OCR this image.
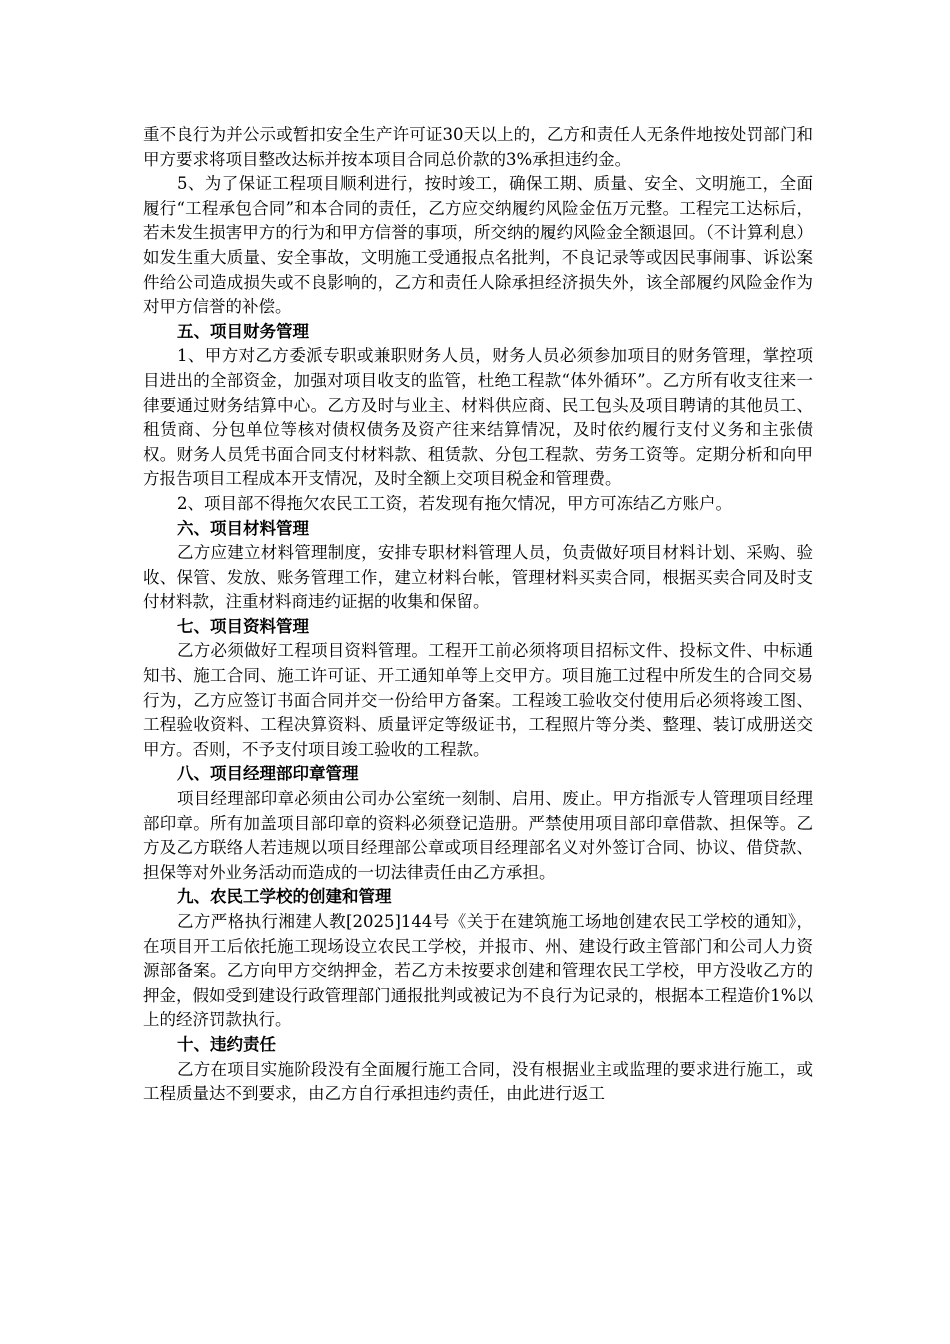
重不良行为并公示或暂扣安全生产许可证30天以上的，乙方和责任人无条件地按处罚部门和甲方要求将项目整改达标并按本项目合同总价款的3%承担违约金。

5、为了保证工程项目顺利进行，按时竣工，确保工期、质量、安全、文明施工，全面履行“工程承包合同”和本合同的责任，乙方应交纳履约风险金伍万元整。工程完工达标后，若未发生损害甲方的行为和甲方信誉的事项，所交纳的履约风险金全额退回。（不计算利息）如发生重大质量、安全事故，文明施工受通报点名批判，不良记录等或因民事闹事、诉讼案件给公司造成损失或不良影响的，乙方和责任人除承担经济损失外，该全部履约风险金作为对甲方信誉的补偿。

五、项目财务管理

1、甲方对乙方委派专职或兼职财务人员，财务人员必须参加项目的财务管理，掌控项目进出的全部资金，加强对项目收支的监管，杜绝工程款“体外循环”。乙方所有收支往来一律要通过财务结算中心。乙方及时与业主、材料供应商、民工包头及项目聘请的其他员工、租赁商、分包单位等核对债权债务及资产往来结算情况，及时依约履行支付义务和主张债权。财务人员凭书面合同支付材料款、租赁款、分包工程款、劳务工资等。定期分析和向甲方报告项目工程成本开支情况，及时全额上交项目税金和管理费。

2、项目部不得拖欠农民工工资，若发现有拖欠情况，甲方可冻结乙方账户。

六、项目材料管理

乙方应建立材料管理制度，安排专职材料管理人员，负责做好项目材料计划、采购、验收、保管、发放、账务管理工作，建立材料台帐，管理材料买卖合同，根据买卖合同及时支付材料款，注重材料商违约证据的收集和保留。

七、项目资料管理

乙方必须做好工程项目资料管理。工程开工前必须将项目招标文件、投标文件、中标通知书、施工合同、施工许可证、开工通知单等上交甲方。项目施工过程中所发生的合同交易行为，乙方应签订书面合同并交一份给甲方备案。工程竣工验收交付使用后必须将竣工图、工程验收资料、工程决算资料、质量评定等级证书，工程照片等分类、整理、装订成册送交甲方。否则，不予支付项目竣工验收的工程款。

八、项目经理部印章管理

项目经理部印章必须由公司办公室统一刻制、启用、废止。甲方指派专人管理项目经理部印章。所有加盖项目部印章的资料必须登记造册。严禁使用项目部印章借款、担保等。乙方及乙方联络人若违规以项目经理部公章或项目经理部名义对外签订合同、协议、借贷款、担保等对外业务活动而造成的一切法律责任由乙方承担。

九、农民工学校的创建和管理

乙方严格执行湘建人教[2025]144号《关于在建筑施工场地创建农民工学校的通知》，在项目开工后依托施工现场设立农民工学校，并报市、州、建设行政主管部门和公司人力资源部备案。乙方向甲方交纳押金，若乙方未按要求创建和管理农民工学校，甲方没收乙方的押金，假如受到建设行政管理部门通报批判或被记为不良行为记录的，根据本工程造价1%以上的经济罚款执行。

十、违约责任

乙方在项目实施阶段没有全面履行施工合同，没有根据业主或监理的要求进行施工，或工程质量达不到要求，由乙方自行承担违约责任，由此进行返工
